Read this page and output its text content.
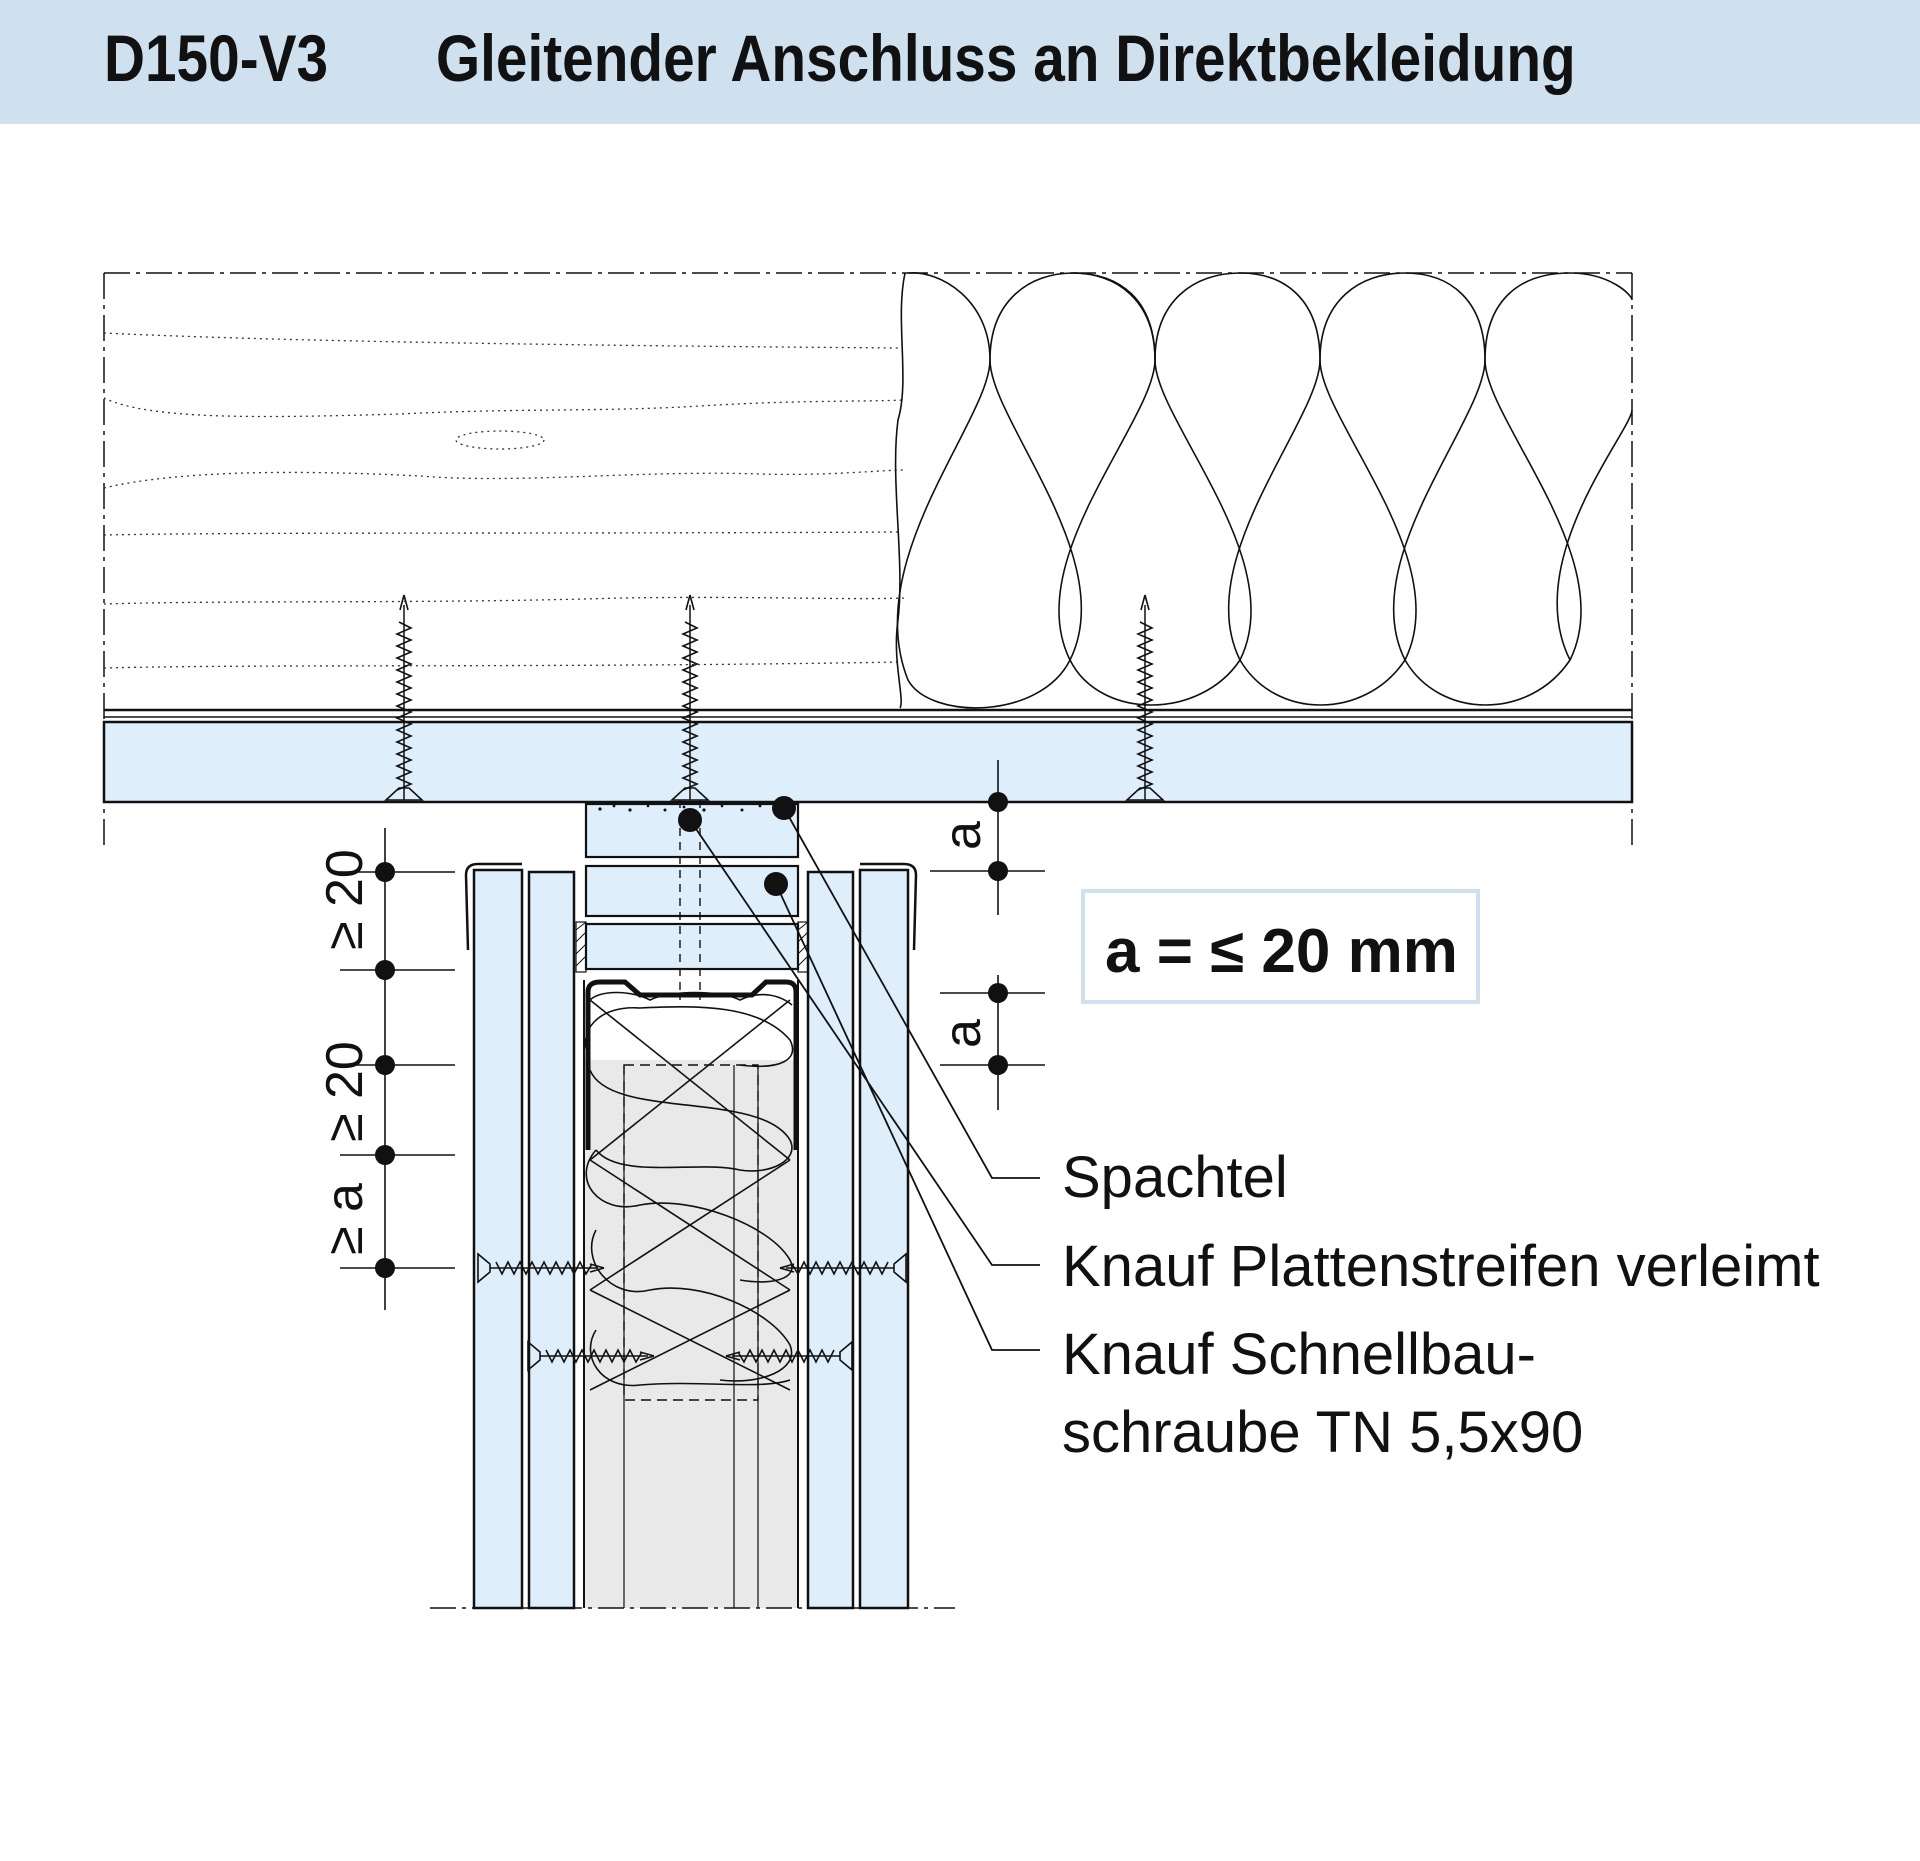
D150-V3 Gleitender Anschluss an Direktbekleidung
a
a
≥ 20
≥ 20
≥ a
a = ≤ 20 mm
Spachtel
Knauf Plattenstreifen verleimt
Knauf Schnellbau-
schraube TN 5,5x90
